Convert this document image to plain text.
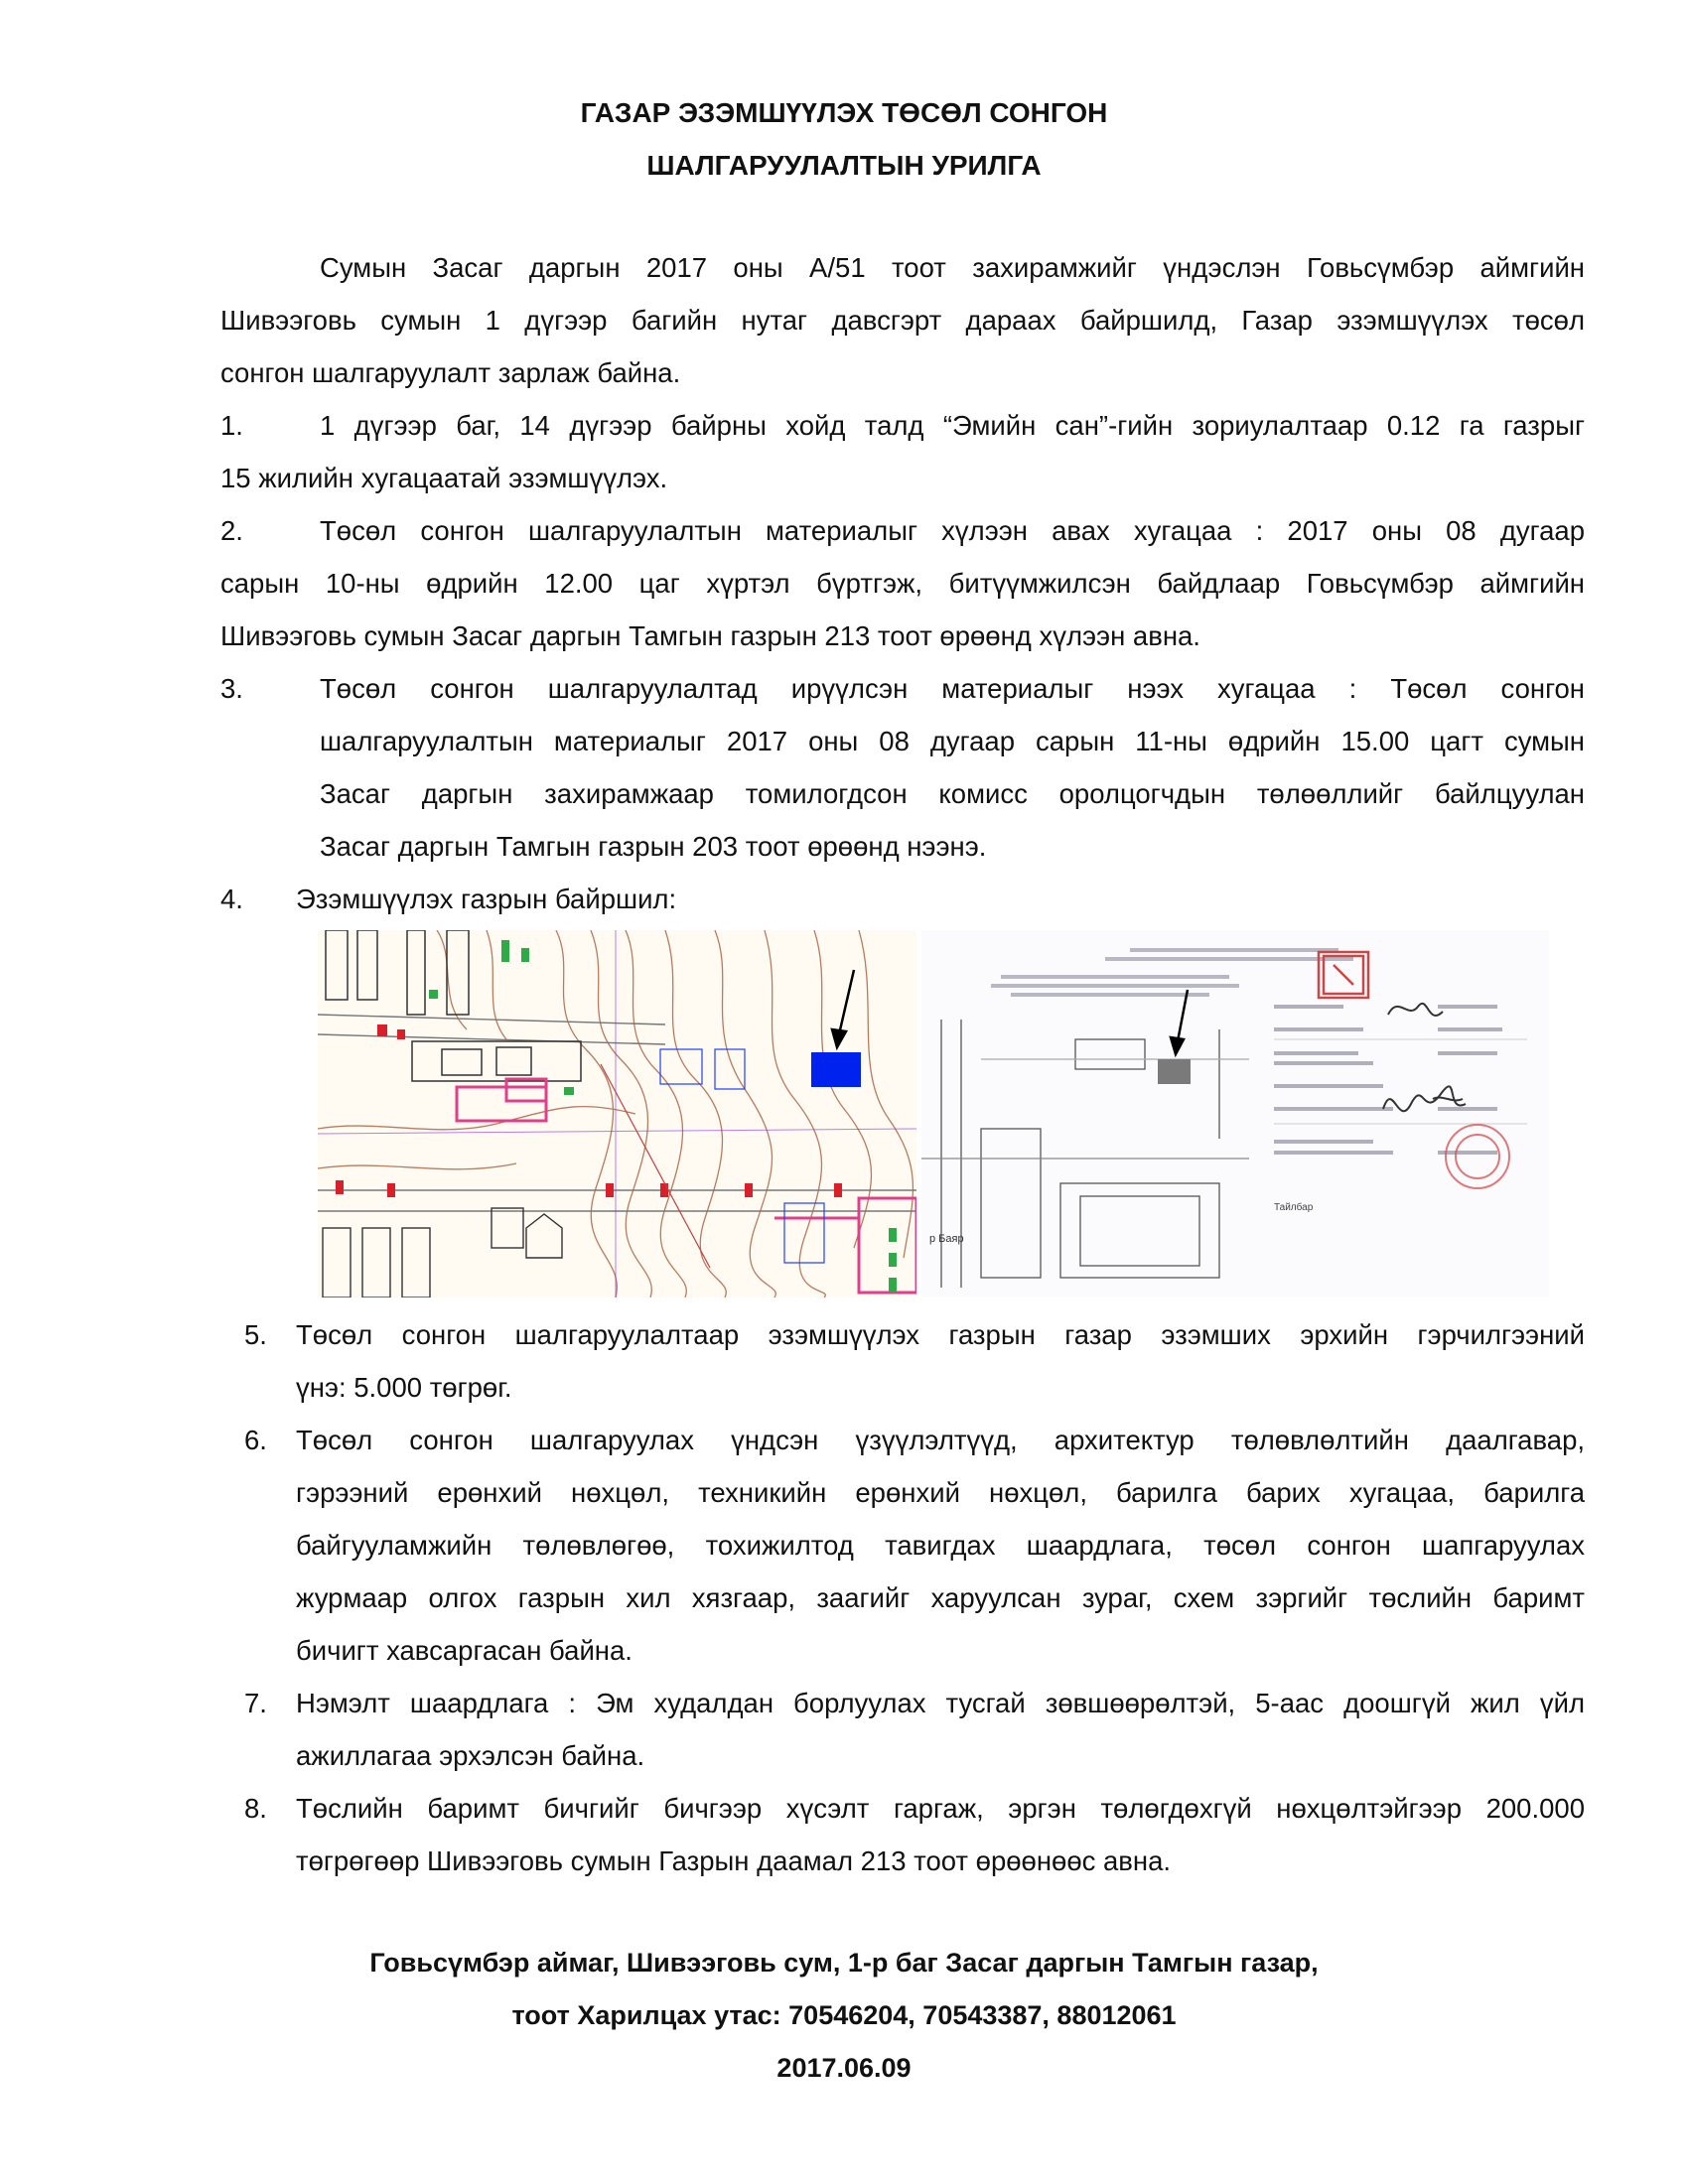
ГАЗАР ЭЗЭМШҮҮЛЭХ ТӨСӨЛ СОНГОН
ШАЛГАРУУЛАЛТЫН УРИЛГА
Сумын Засаг даргын 2017 оны А/51 тоот захирамжийг үндэслэн Говьсүмбэр аймгийн
Шивээговь сумын 1 дүгээр багийн нутаг давсгэрт дараах байршилд, Газар эзэмшүүлэх төсөл
сонгон шалгаруулалт зарлаж байна.
1.	1 дүгээр баг, 14 дүгээр байрны хойд талд “Эмийн сан”-гийн зориулалтаар 0.12 га газрыг
15 жилийн хугацаатай эзэмшүүлэх.
2.	Төсөл сонгон шалгаруулалтын материалыг хүлээн авах хугацаа : 2017 оны 08 дугаар
сарын 10-ны өдрийн 12.00 цаг хүртэл бүртгэж, битүүмжилсэн байдлаар Говьсүмбэр аймгийн
Шивээговь сумын Засаг даргын Тамгын газрын 213 тоот өрөөнд хүлээн авна.
3.	Төсөл сонгон шалгаруулалтад ирүүлсэн материалыг нээх хугацаа : Төсөл сонгон
шалгаруулалтын материалыг 2017 оны 08 дугаар сарын 11-ны өдрийн 15.00 цагт сумын
Засаг даргын захирамжаар томилогдсон комисс оролцогчдын төлөөллийг байлцуулан
Засаг даргын Тамгын газрын 203 тоот өрөөнд нээнэ.
4. Эзэмшүүлэх газрын байршил:
р Баяр
Тайлбар
5. Төсөл сонгон шалгаруулалтаар эзэмшүүлэх газрын газар эзэмших эрхийн гэрчилгээний
үнэ: 5.000 төгрөг.
6. Төсөл сонгон шалгаруулах үндсэн үзүүлэлтүүд, архитектур төлөвлөлтийн даалгавар,
гэрээний ерөнхий нөхцөл, техникийн ерөнхий нөхцөл, барилга барих хугацаа, барилга
байгууламжийн төлөвлөгөө, тохижилтод тавигдах шаардлага, төсөл сонгон шапгаруулах
журмаар олгох газрын хил хязгаар, заагийг харуулсан зураг, схем зэргийг төслийн баримт
бичигт хавсаргасан байна.
7. Нэмэлт шаардлага : Эм худалдан борлуулах тусгай зөвшөөрөлтэй, 5-аас доошгүй жил үйл
ажиллагаа эрхэлсэн байна.
8. Төслийн баримт бичгийг бичгээр хүсэлт гаргаж, эргэн төлөгдөхгүй нөхцөлтэйгээр 200.000
төгрөгөөр Шивээговь сумын Газрын даамал 213 тоот өрөөнөөс авна.
Говьсүмбэр аймаг, Шивээговь сум, 1-р баг Засаг даргын Тамгын газар,
тоот Харилцах утас: 70546204, 70543387, 88012061
2017.06.09
